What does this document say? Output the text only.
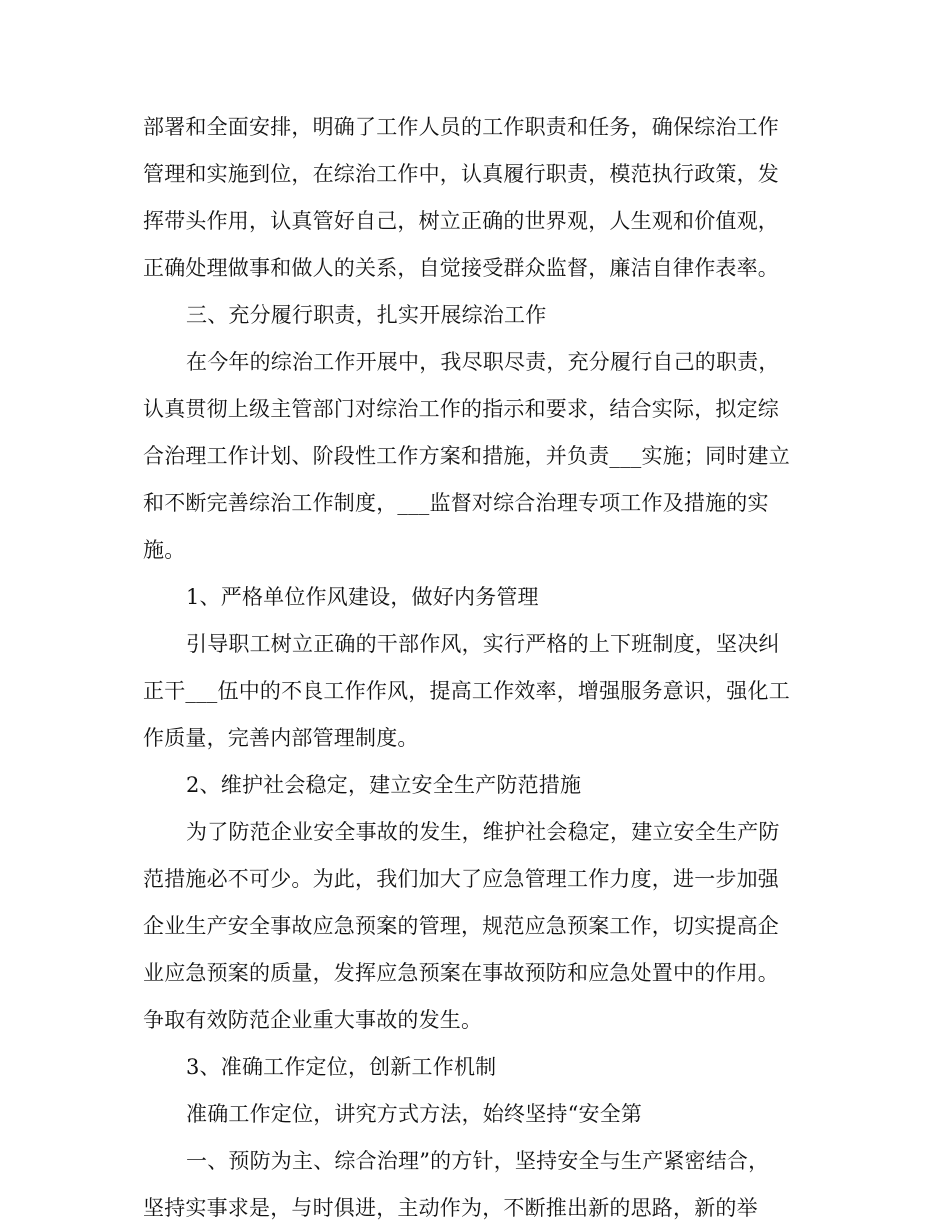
部署和全面安排，明确了工作人员的工作职责和任务，确保综治工作
管理和实施到位，在综治工作中，认真履行职责，模范执行政策，发
挥带头作用，认真管好自己，树立正确的世界观，人生观和价值观，
正确处理做事和做人的关系，自觉接受群众监督，廉洁自律作表率。
三、充分履行职责，扎实开展综治工作
在今年的综治工作开展中，我尽职尽责，充分履行自己的职责，
认真贯彻上级主管部门对综治工作的指示和要求，结合实际，拟定综
合治理工作计划、阶段性工作方案和措施，并负责___实施；同时建立
和不断完善综治工作制度，___监督对综合治理专项工作及措施的实
施。
1、严格单位作风建设，做好内务管理
引导职工树立正确的干部作风，实行严格的上下班制度，坚决纠
正干___伍中的不良工作作风，提高工作效率，增强服务意识，强化工
作质量，完善内部管理制度。
2、维护社会稳定，建立安全生产防范措施
为了防范企业安全事故的发生，维护社会稳定，建立安全生产防
范措施必不可少。为此，我们加大了应急管理工作力度，进一步加强
企业生产安全事故应急预案的管理，规范应急预案工作，切实提高企
业应急预案的质量，发挥应急预案在事故预防和应急处置中的作用。
争取有效防范企业重大事故的发生。
3、准确工作定位，创新工作机制
准确工作定位，讲究方式方法，始终坚持“安全第
一、预防为主、综合治理”的方针，坚持安全与生产紧密结合，
坚持实事求是，与时俱进，主动作为，不断推出新的思路，新的举
